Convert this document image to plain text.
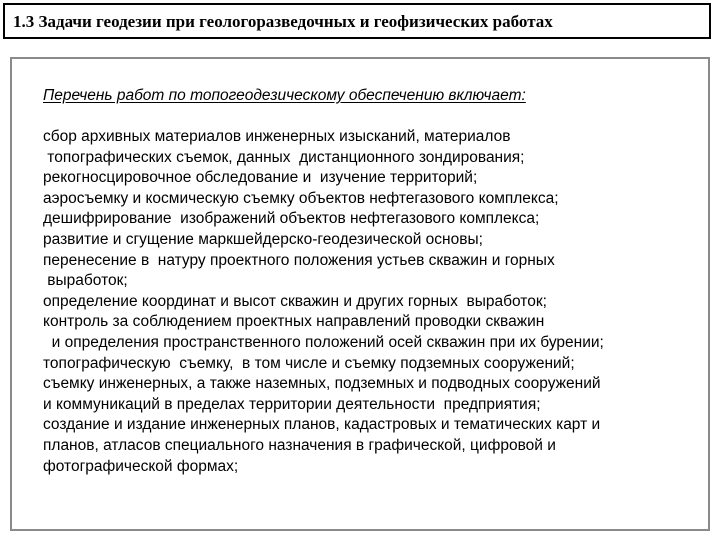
1.3 Задачи геодезии при геологоразведочных и геофизических работах
Перечень работ по топогеодезическому обеспечению включает:
сбор архивных материалов инженерных изысканий, материалов
топографических съемок, данных  дистанционного зондирования;
рекогносцировочное обследование и  изучение территорий;
аэросъемку и космическую съемку объектов нефтегазового комплекса;
дешифрирование  изображений объектов нефтегазового комплекса;
развитие и сгущение маркшейдерско-геодезической основы;
перенесение в  натуру проектного положения устьев скважин и горных
выработок;
определение координат и высот скважин и других горных  выработок;
контроль за соблюдением проектных направлений проводки скважин
и определения пространственного положений осей скважин при их бурении;
топографическую  съемку,  в том числе и съемку подземных сооружений;
съемку инженерных, а также наземных, подземных и подводных сооружений
и коммуникаций в пределах территории деятельности  предприятия;
создание и издание инженерных планов, кадастровых и тематических карт и
планов, атласов специального назначения в графической, цифровой и
фотографической формах;
